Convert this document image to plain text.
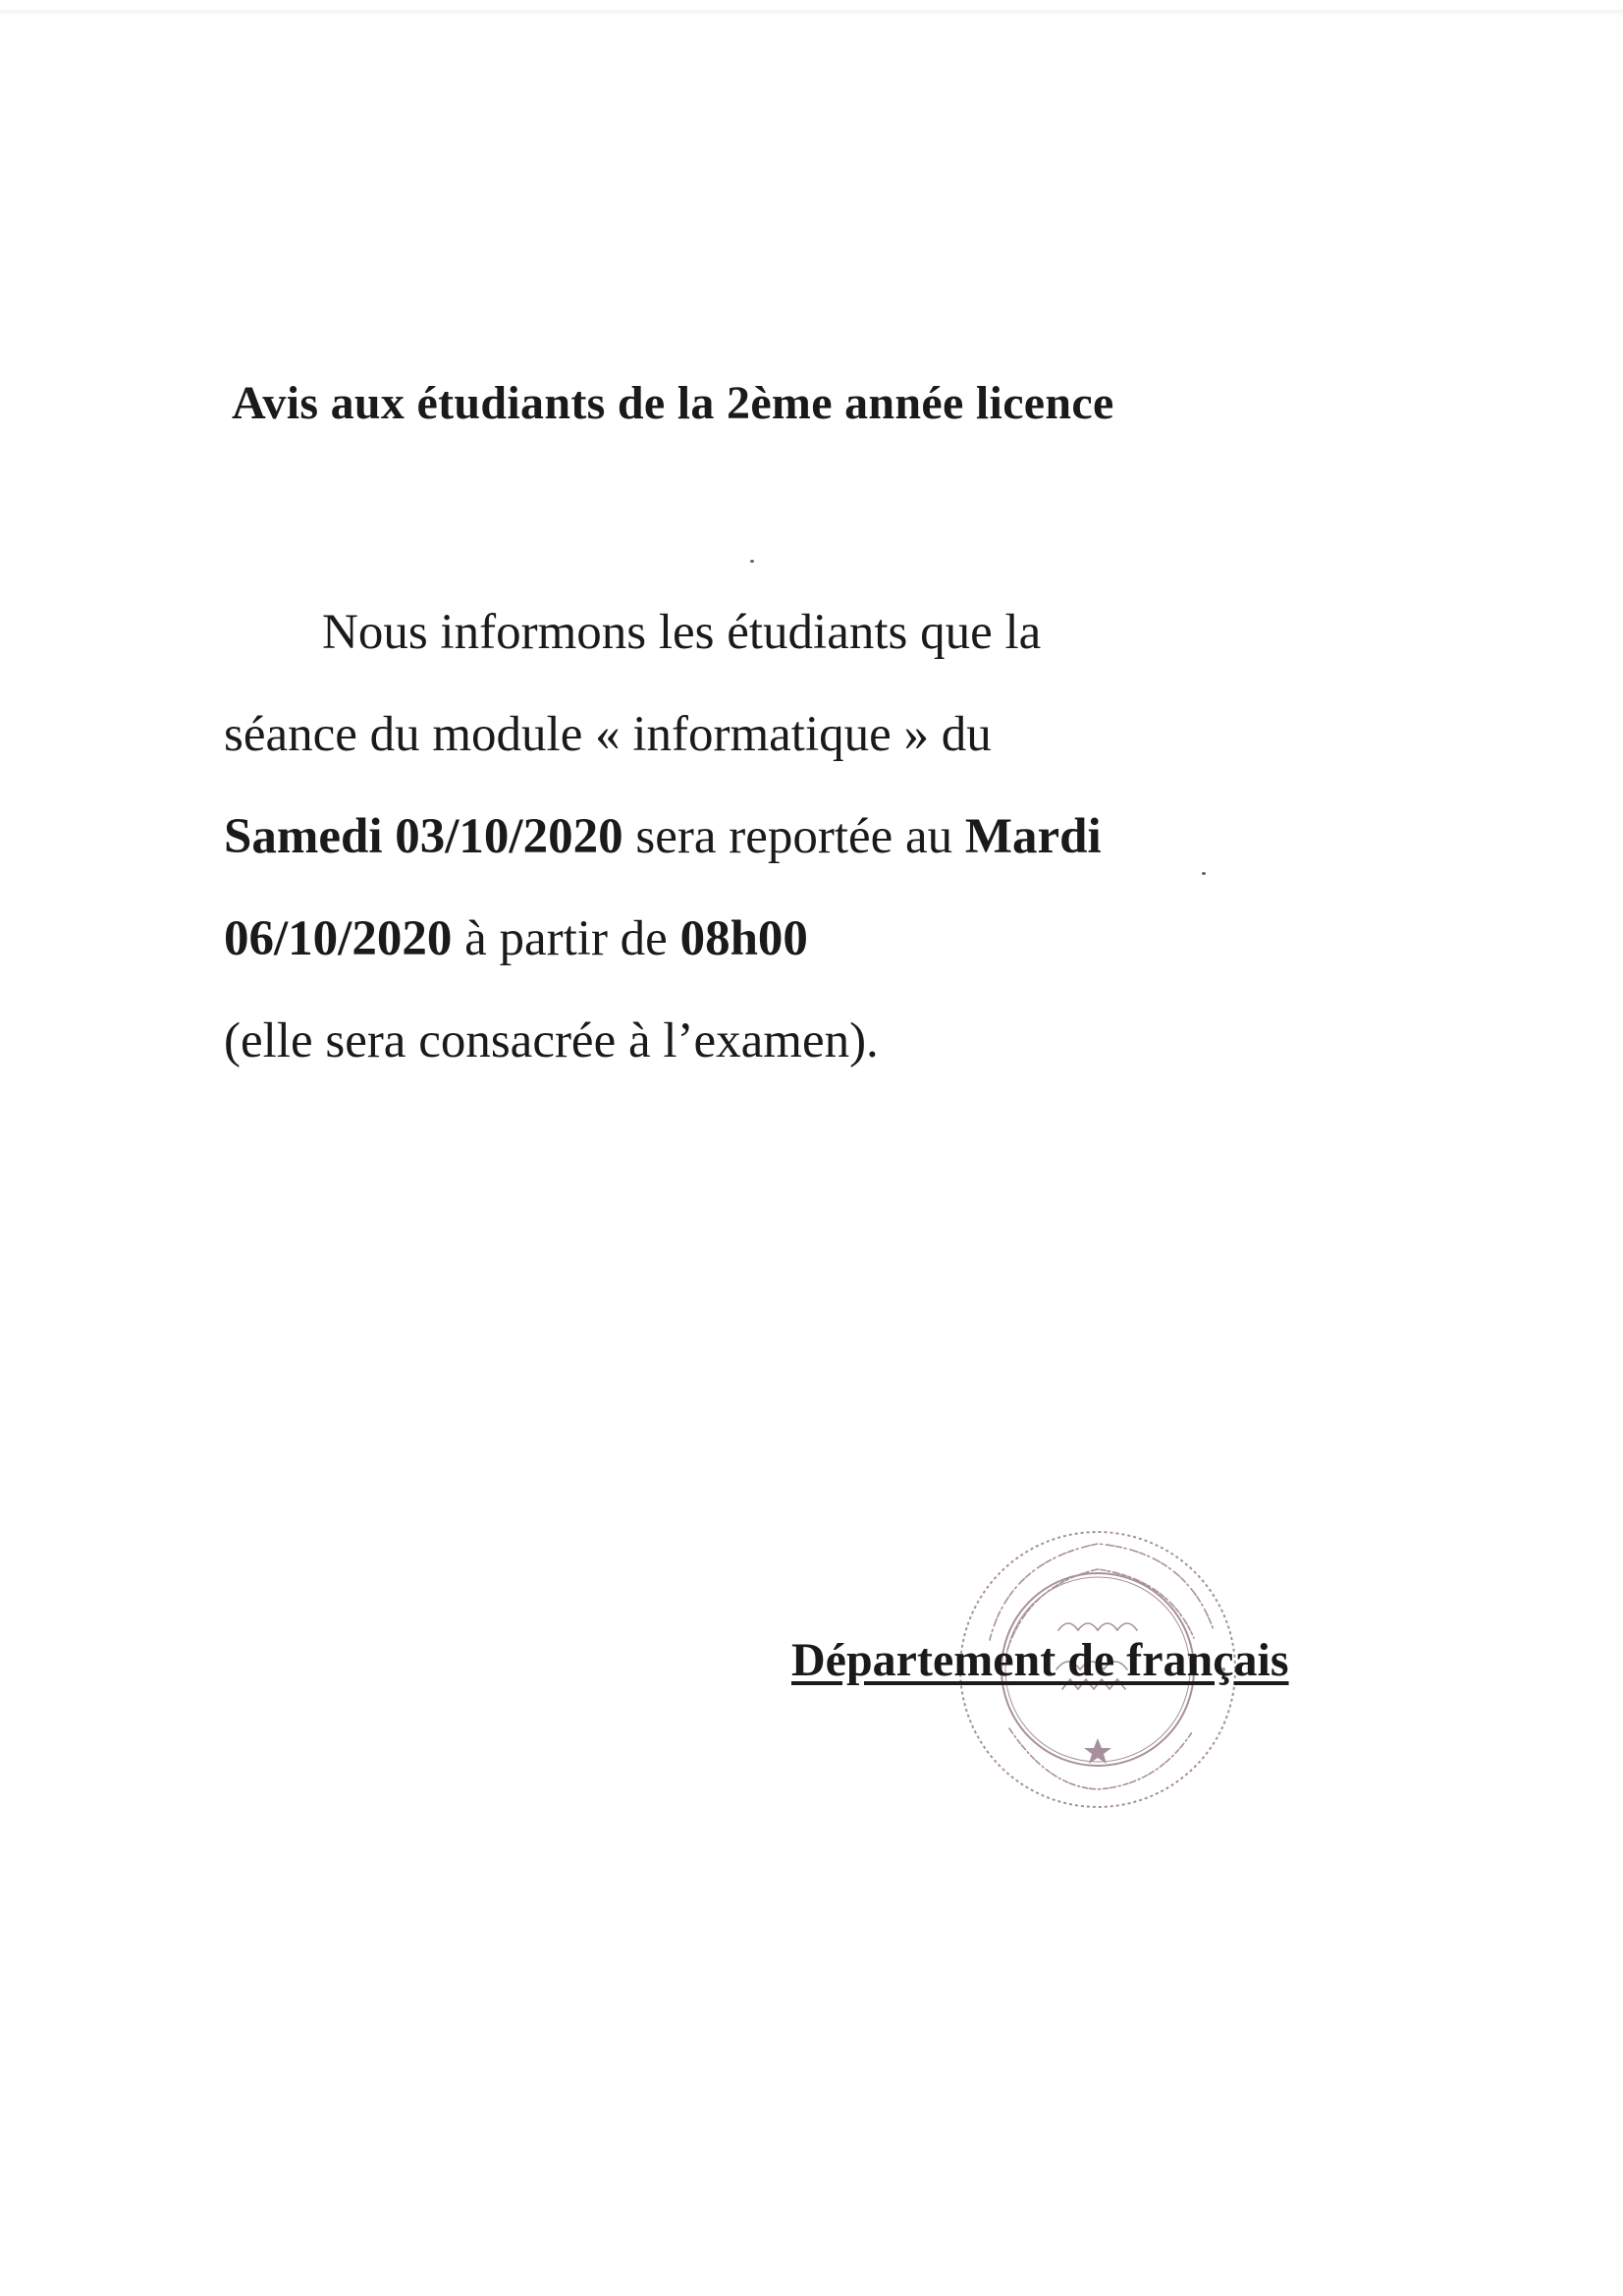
Avis aux étudiants de la 2ème année licence
Nous informons les étudiants que la
séance du module « informatique » du
Samedi 03/10/2020 sera reportée au Mardi
06/10/2020 à partir de 08h00
(elle sera consacrée à l’examen).
Département de français
